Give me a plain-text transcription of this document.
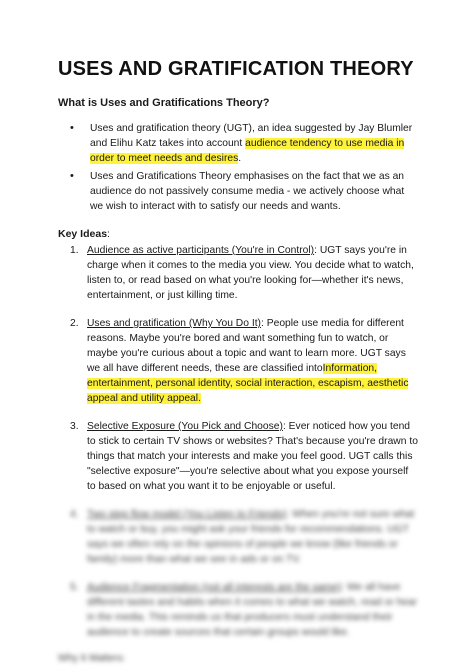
USES AND GRATIFICATION THEORY
What is Uses and Gratifications Theory?
• Uses and gratification theory (UGT), an idea suggested by Jay Blumler and Elihu Katz takes into account audience tendency to use media in order to meet needs and desires.
• Uses and Gratifications Theory emphasises on the fact that we as an audience do not passively consume media - we actively choose what we wish to interact with to satisfy our needs and wants.
Key Ideas:
1. Audience as active participants (You're in Control): UGT says you're in charge when it comes to the media you view. You decide what to watch, listen to, or read based on what you're looking for—whether it's news, entertainment, or just killing time.
2. Uses and gratification (Why You Do It): People use media for different reasons. Maybe you're bored and want something fun to watch, or maybe you're curious about a topic and want to learn more. UGT says we all have different needs, these are classified intoInformation, entertainment, personal identity, social interaction, escapism, aesthetic appeal and utility appeal.
3. Selective Exposure (You Pick and Choose): Ever noticed how you tend to stick to certain TV shows or websites? That's because you're drawn to things that match your interests and make you feel good. UGT calls this "selective exposure"—you're selective about what you expose yourself to based on what you want it to be enjoyable or useful.
4. Two step flow model (You Listen to Friends): When you're not sure what to watch or buy, you might ask your friends for recommendations. UGT says we often rely on the opinions of people we know (like friends or family) more than what we see in ads or on TV.
5. Audience Fragmentation (not all interests are the same): We all have different tastes and habits when it comes to what we watch, read or hear in the media. This reminds us that producers must understand their audience to create sources that certain groups would like.
Why It Matters:
